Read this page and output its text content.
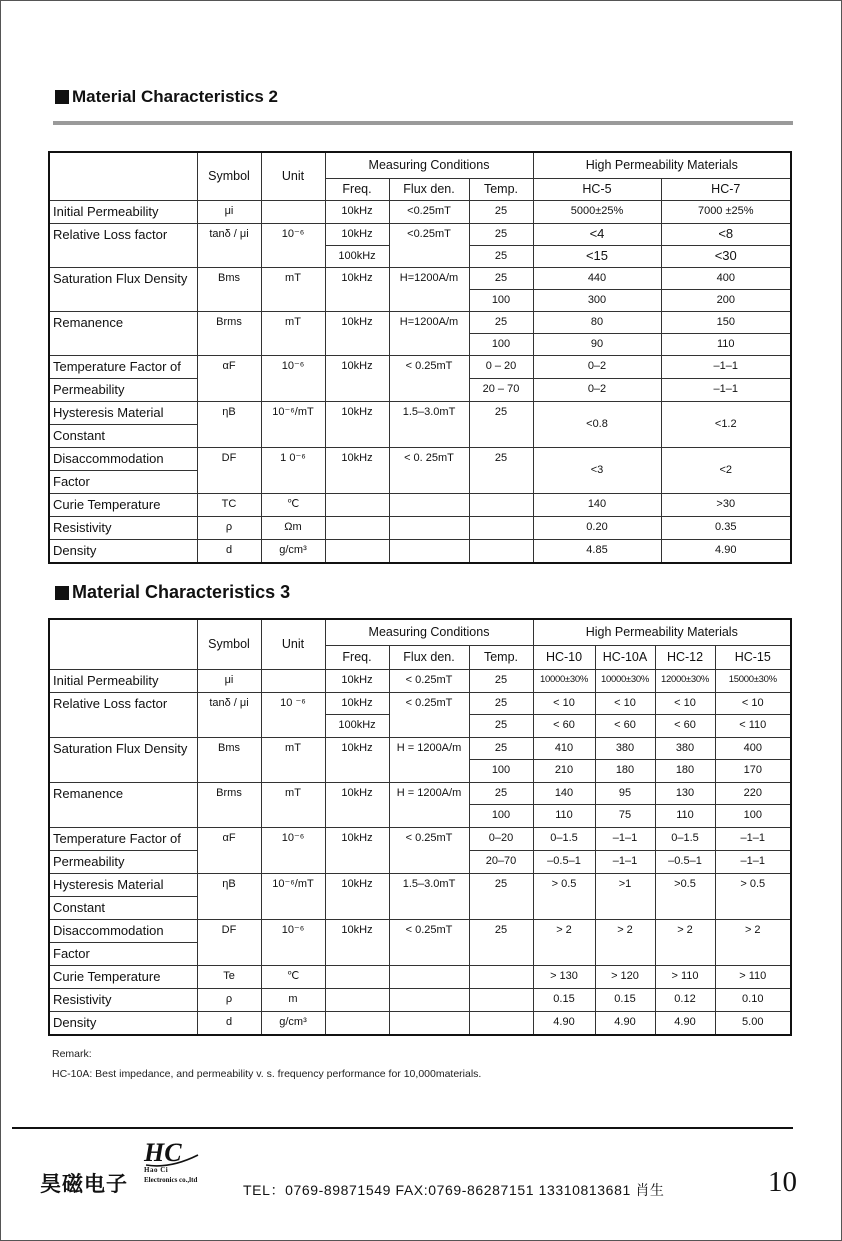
Material Characteristics 2
	Symbol	Unit	Measuring Conditions			High Permeability Materials	
			Freq.	Flux den.	Temp.	HC-5	HC-7
Initial Permeability	μi		10kHz	<0.25mT	25	5000±25%	7000 ±25%
Relative Loss factor	tanδ / μi	10⁻⁶	10kHz	<0.25mT	25	<4	<8
			100kHz		25	<15	<30
Saturation Flux Density	Bms	mT	10kHz	H=1200A/m	25	440	400
					100	300	200
Remanence	Brms	mT	10kHz	H=1200A/m	25	80	150
					100	90	110
Temperature Factor of	αF	10⁻⁶	10kHz	< 0.25mT	0 – 20	0–2	–1–1
Permeability					20 – 70	0–2	–1–1
Hysteresis Material	ηB	10⁻⁶/mT	10kHz	1.5–3.0mT	25	<0.8	<1.2
Constant							
Disaccommodation	DF	1 0⁻⁶	10kHz	< 0. 25mT	25	<3	<2
Factor							
Curie Temperature	TC	℃				140	>30
Resistivity	ρ	Ωm				0.20	0.35
Density	d	g/cm³				4.85	4.90
Material Characteristics 3
	Symbol	Unit	Measuring Conditions			High Permeability Materials			
			Freq.	Flux den.	Temp.	HC-10	HC-10A	HC-12	HC-15
Initial Permeability	μi		10kHz	< 0.25mT	25	10000±30%	10000±30%	12000±30%	15000±30%
Relative Loss factor	tanδ / μi	10 ⁻⁶	10kHz	< 0.25mT	25	< 10	< 10	< 10	< 10
			100kHz		25	< 60	< 60	< 60	< 110
Saturation Flux Density	Bms	mT	10kHz	H = 1200A/m	25	410	380	380	400
					100	210	180	180	170
Remanence	Brms	mT	10kHz	H = 1200A/m	25	140	95	130	220
					100	110	75	110	100
Temperature Factor of	αF	10⁻⁶	10kHz	< 0.25mT	0–20	0–1.5	–1–1	0–1.5	–1–1
Permeability					20–70	–0.5–1	–1–1	–0.5–1	–1–1
Hysteresis Material	ηB	10⁻⁶/mT	10kHz	1.5–3.0mT	25	> 0.5	>1	>0.5	> 0.5
Constant									
Disaccommodation	DF	10⁻⁶	10kHz	< 0.25mT	25	> 2	> 2	> 2	> 2
Factor									
Curie Temperature	Te	℃				> 130	> 120	> 110	> 110
Resistivity	ρ	m				0.15	0.15	0.12	0.10
Density	d	g/cm³				4.90	4.90	4.90	5.00
Remark:
HC-10A: Best impedance, and permeability v. s. frequency performance for 10,000materials.
HC
Hao Ci
Electronics co.,ltd
昊磁电子	TEL：0769-89871549 FAX:0769-86287151 13310813681 肖生	10
